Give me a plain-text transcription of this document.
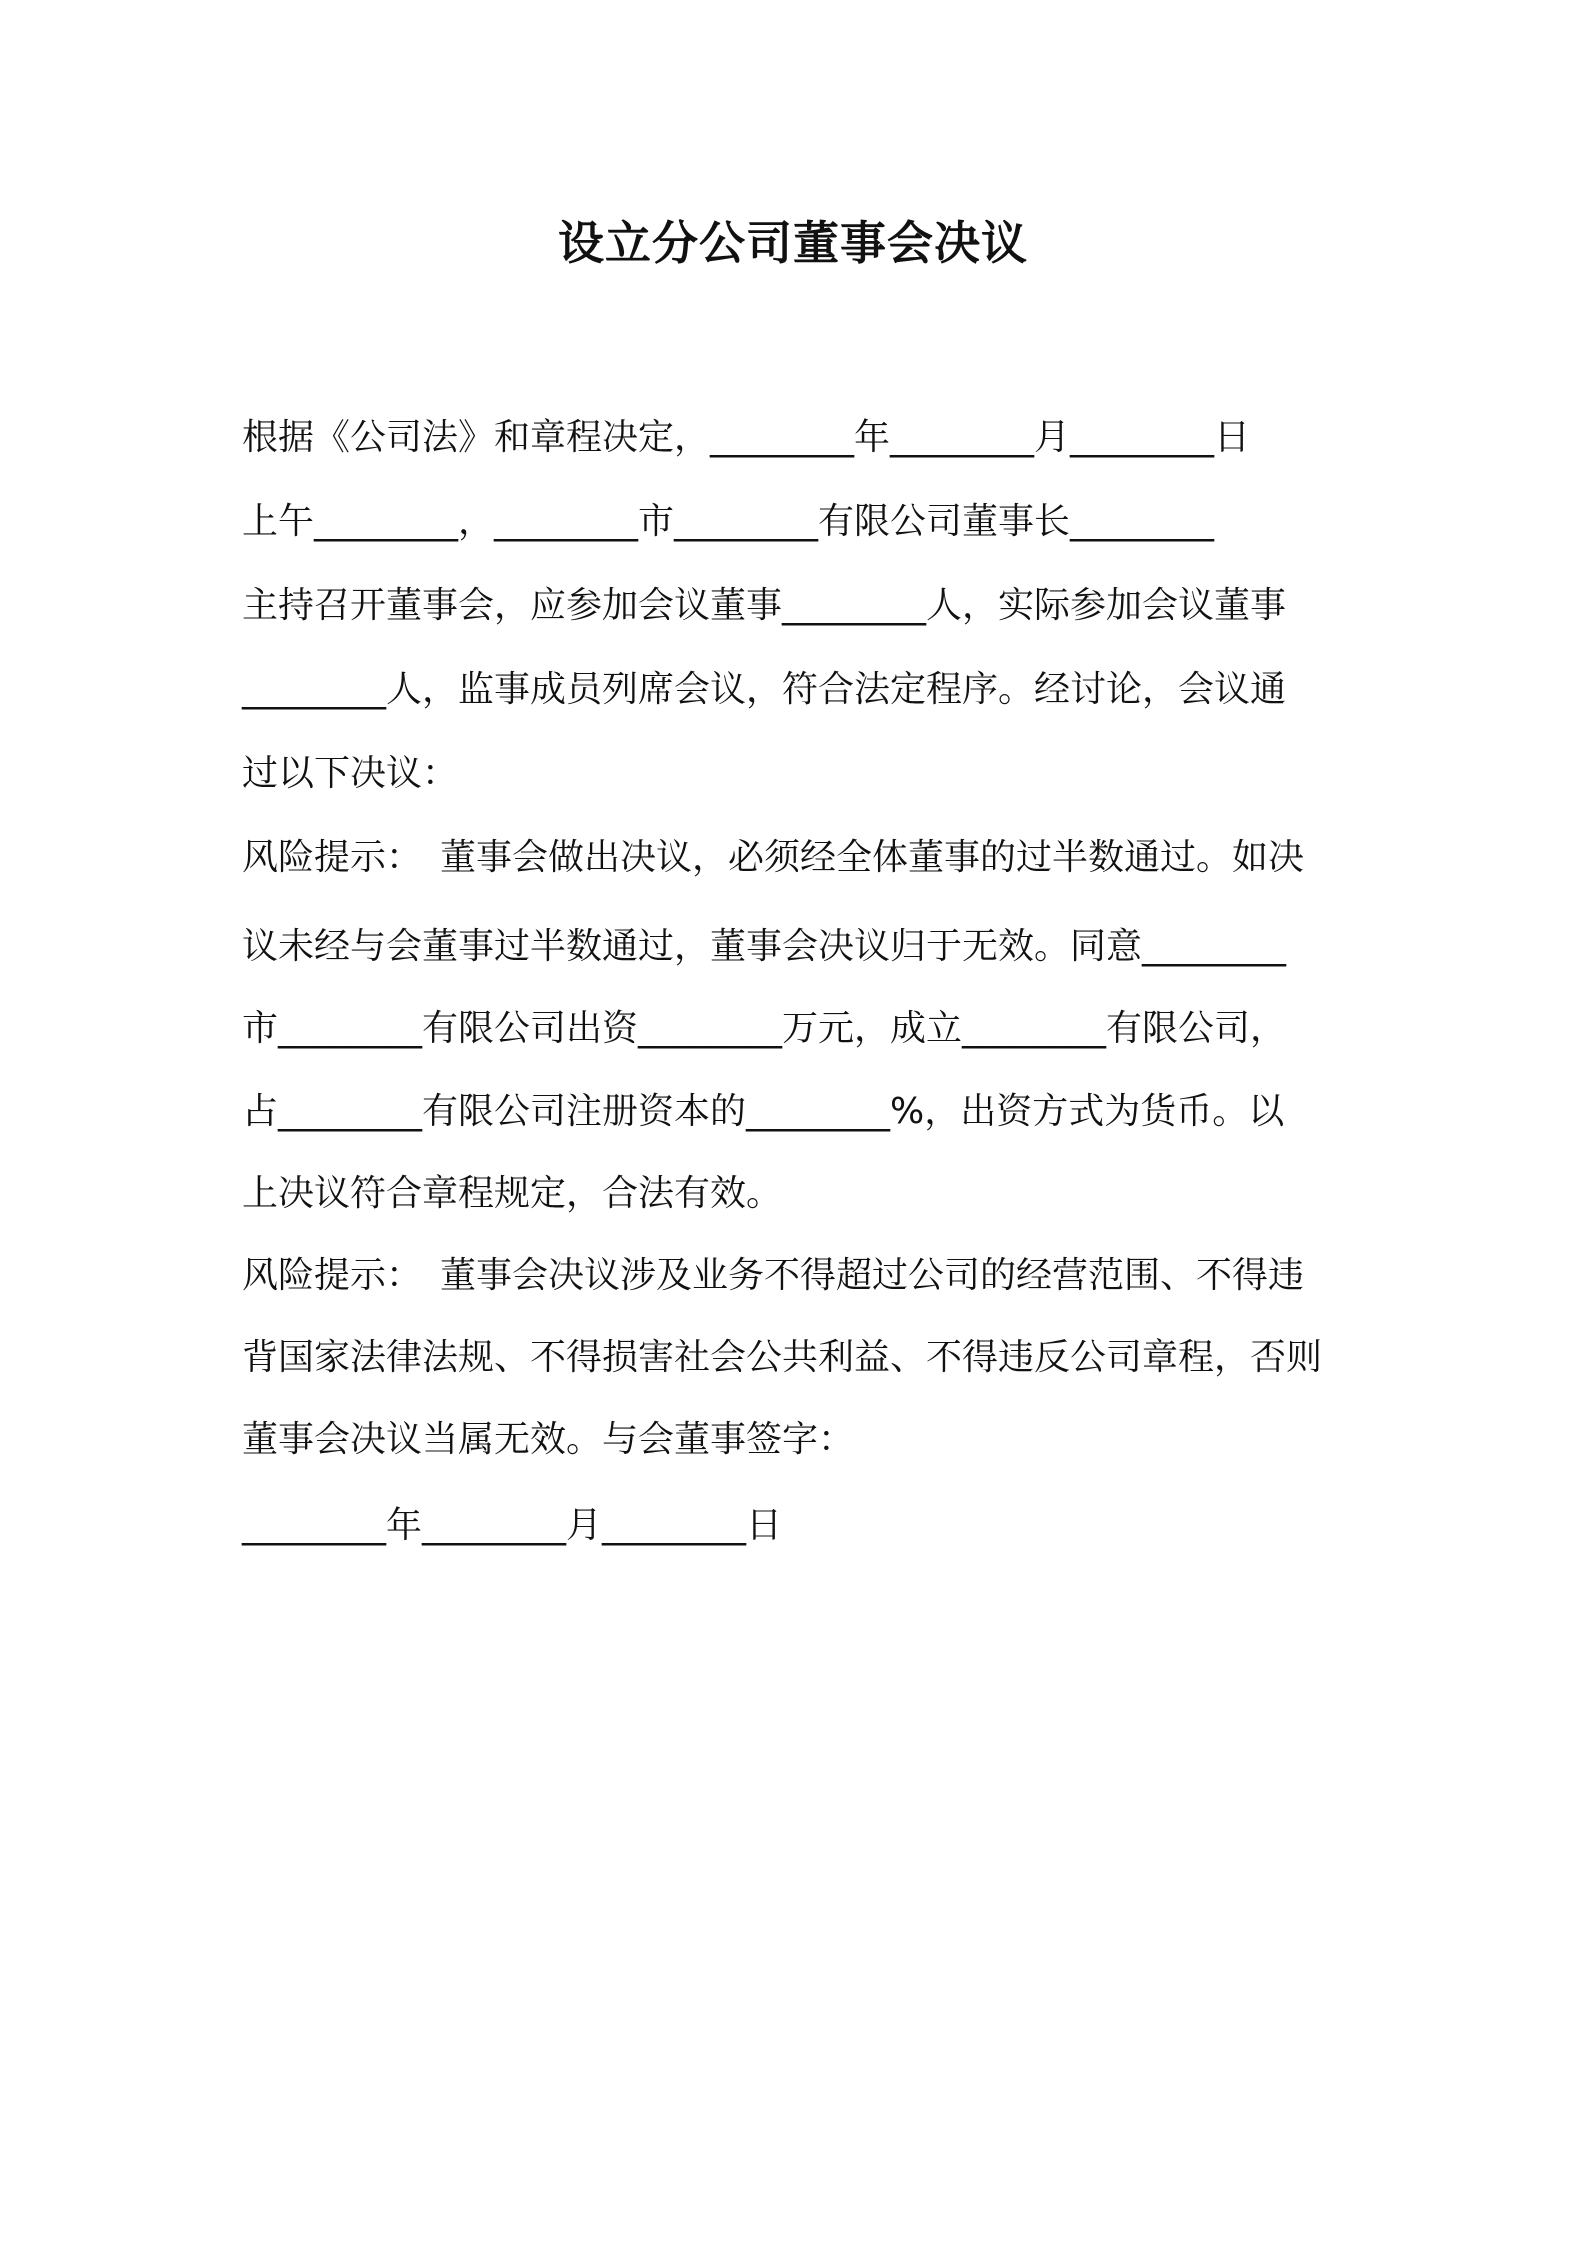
设立分公司董事会决议
根据《公司法》和章程决定，________年________月________日
上午________，________市________有限公司董事长________
主持召开董事会，应参加会议董事________人，实际参加会议董事
________人，监事成员列席会议，符合法定程序。经讨论，会议通
过以下决议：
风险提示：　董事会做出决议，必须经全体董事的过半数通过。如决
议未经与会董事过半数通过，董事会决议归于无效。同意________
市________有限公司出资________万元，成立________有限公司，
占________有限公司注册资本的________%，出资方式为货币。以
上决议符合章程规定，合法有效。
风险提示：　董事会决议涉及业务不得超过公司的经营范围、不得违
背国家法律法规、不得损害社会公共利益、不得违反公司章程，否则
董事会决议当属无效。与会董事签字：
________年________月________日
